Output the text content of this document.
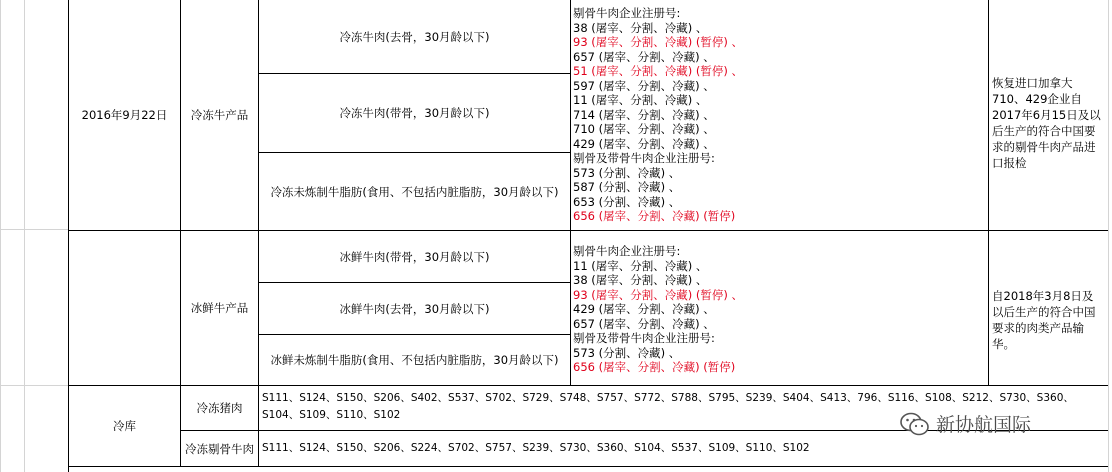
2016年9月22日	冷冻牛产品
冷冻牛肉(去骨，30月龄以下)
冷冻牛肉(带骨，30月龄以下)
冷冻未炼制牛脂肪(食用、不包括内脏脂肪，30月龄以下)
剔骨牛肉企业注册号:
38 (屠宰、分割、冷藏) 、
93 (屠宰、分割、冷藏) (暂停) 、
657 (屠宰、分割、冷藏) 、
51 (屠宰、分割、冷藏) (暂停) 、
597 (屠宰、分割、冷藏) 、
11 (屠宰、分割、冷藏) 、
714 (屠宰、分割、冷藏) 、
710 (屠宰、分割、冷藏) 、
429 (屠宰、分割、冷藏) 、
剔骨及带骨牛肉企业注册号:
573 (分割、冷藏) 、
587 (分割、冷藏) 、
653 (分割、冷藏) 、
656 (屠宰、分割、冷藏) (暂停)
恢复进口加拿大710、429企业自2017年6月15日及以后生产的符合中国要求的剔骨牛肉产品进口报检
冰鲜牛产品
冰鲜牛肉(带骨，30月龄以下)
冰鲜牛肉(去骨，30月龄以下)
冰鲜未炼制牛脂肪(食用、不包括内脏脂肪，30月龄以下)
剔骨牛肉企业注册号:
11 (屠宰、分割、冷藏) 、
38 (屠宰、分割、冷藏) 、
93 (屠宰、分割、冷藏) (暂停) 、
429 (屠宰、分割、冷藏) 、
657 (屠宰、分割、冷藏) 、
剔骨及带骨牛肉企业注册号:
573 (分割、冷藏) 、
656 (屠宰、分割、冷藏) (暂停)
自2018年3月8日及以后生产的符合中国要求的肉类产品输华。
冷库
冷冻猪肉
S111、S124、S150、S206、S402、S537、S702、S729、S748、S757、S772、S788、S795、S239、S404、S413、796、S116、S108、S212、S730、S360、S104、S109、S110、S102
冷冻剔骨牛肉 S111、S124、S150、S206、S224、S702、S757、S239、S730、S360、S104、S537、S109、S110、S102
新协航国际
